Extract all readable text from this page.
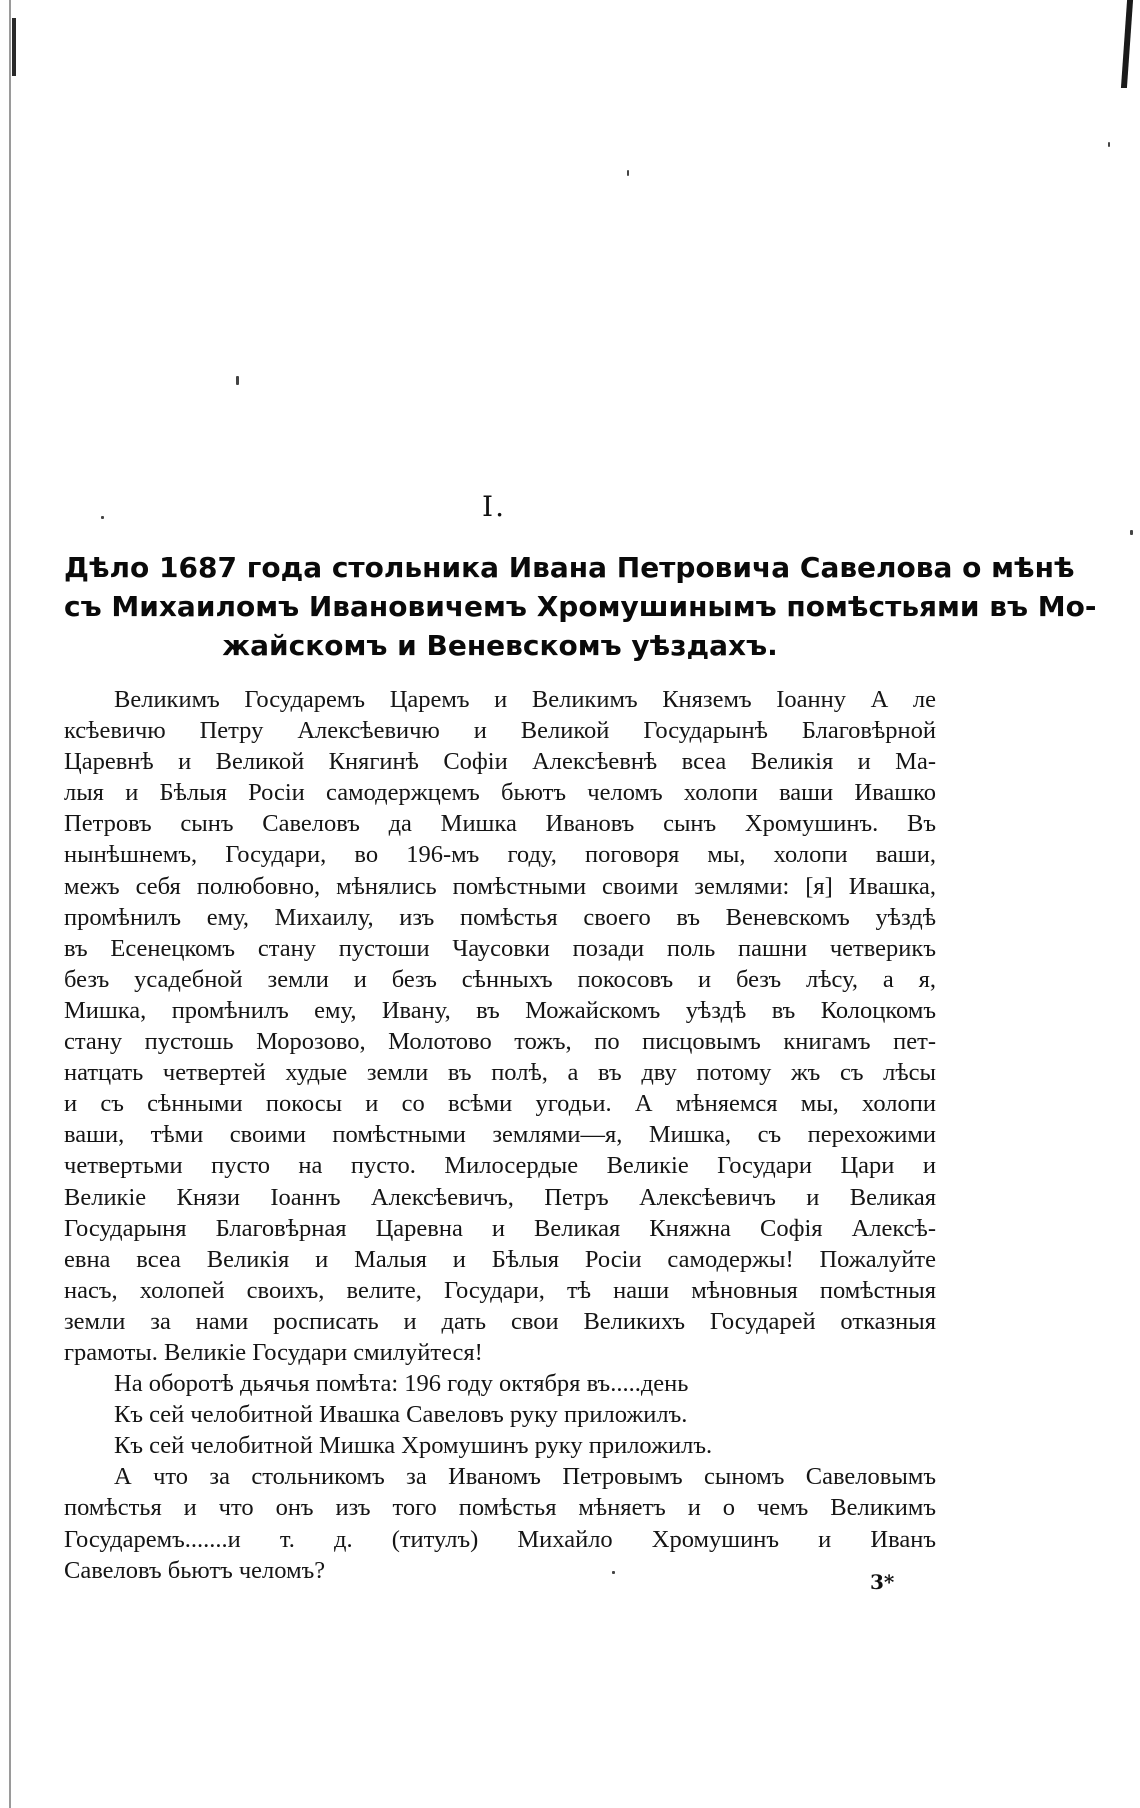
I.
Дѣло 1687 года стольника Ивана Петровича Савелова о мѣнѣ
съ Михаиломъ Ивановичемъ Хромушинымъ помѣстьями въ Мо-
жайскомъ и Веневскомъ уѣздахъ.
Великимъ Государемъ Царемъ и Великимъ Княземъ Іоанну А ле
ксѣевичю Петру Алексѣевичю и Великой Государынѣ Благовѣрной
Царевнѣ и Великой Княгинѣ Софіи Алексѣевнѣ всеа Великія и Ма-
лыя и Бѣлыя Росіи самодержцемъ бьютъ челомъ холопи ваши Ивашко
Петровъ сынъ Савеловъ да Мишка Ивановъ сынъ Хромушинъ. Въ
нынѣшнемъ, Государи, во 196-мъ году, поговоря мы, холопи ваши,
межъ себя полюбовно, мѣнялись помѣстными своими землями: [я] Ивашка,
промѣнилъ ему, Михаилу, изъ помѣстья своего въ Веневскомъ уѣздѣ
въ Есенецкомъ стану пустоши Чаусовки позади поль пашни четверикъ
безъ усадебной земли и безъ сѣнныхъ покосовъ и безъ лѣсу, а я,
Мишка, промѣнилъ ему, Ивану, въ Можайскомъ уѣздѣ въ Колоцкомъ
стану пустошь Морозово, Молотово тожъ, по писцовымъ книгамъ пет-
натцать четвертей худые земли въ полѣ, а въ дву потому жъ съ лѣсы
и съ сѣнными покосы и со всѣми угодьи. А мѣняемся мы, холопи
ваши, тѣми своими помѣстными землями—я, Мишка, съ перехожими
четвертьми пусто на пусто. Милосердые Великіе Государи Цари и
Великіе Князи Іоаннъ Алексѣевичъ, Петръ Алексѣевичъ и Великая
Государыня Благовѣрная Царевна и Великая Княжна Софія Алексѣ-
евна всеа Великія и Малыя и Бѣлыя Росіи самодержы! Пожалуйте
насъ, холопей своихъ, велите, Государи, тѣ наши мѣновныя помѣстныя
земли за нами росписать и дать свои Великихъ Государей отказныя
грамоты. Великіе Государи смилуйтеся!
На оборотѣ дьячья помѣта: 196 году октября въ.....день
Къ сей челобитной Ивашка Савеловъ руку приложилъ.
Къ сей челобитной Мишка Хромушинъ руку приложилъ.
А что за стольникомъ за Иваномъ Петровымъ сыномъ Савеловымъ
помѣстья и что онъ изъ того помѣстья мѣняетъ и о чемъ Великимъ
Государемъ.......и т. д. (титулъ) Михайло Хромушинъ и Иванъ
Савеловъ бьютъ челомъ?	3*
